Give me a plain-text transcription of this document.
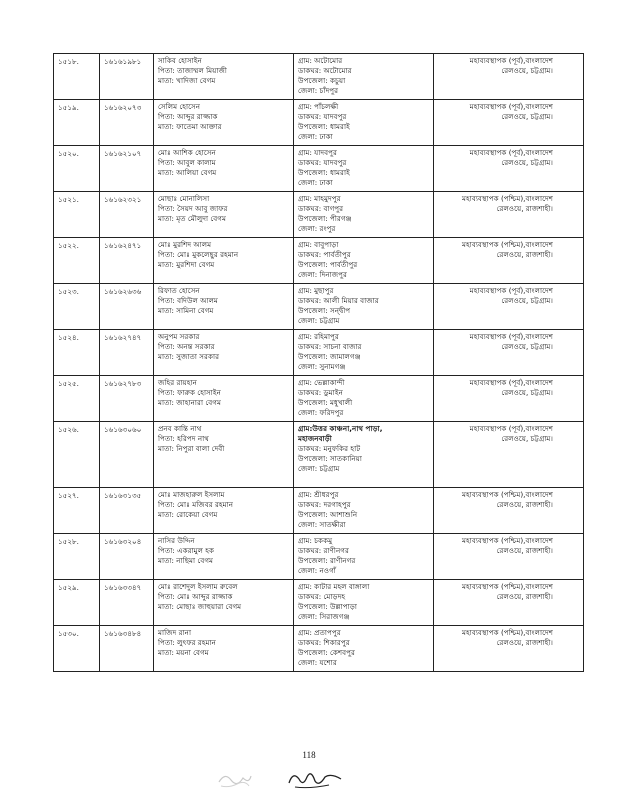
১৫১৮.	১৬১৬১৯৮১	সাকিব হোসাইন
পিতা: তাজাম্মল মিয়াজী
মাতা: খাদিজা বেগম	গ্রাম: অটোমোর
ডাকঘর: অটোমোর
উপজেলা: কচুয়া
জেলা: চাঁদপুর	মহাব্যবস্থাপক (পূর্ব),বাংলাদেশ
রেলওয়ে, চট্টগ্রাম।

১৫১৯.	১৬১৬২০৭৩	সেলিম হোসেন
পিতা: আব্দুর রাজ্জাক
মাতা: ফাতেমা আক্তার	গ্রাম: পাঁচলক্ষী
ডাকঘর: যাদবপুর
উপজেলা: ধামরাই
জেলা: ঢাকা	মহাব্যবস্থাপক (পূর্ব),বাংলাদেশ
রেলওয়ে, চট্টগ্রাম।

১৫২০.	১৬১৬২১০৭	মোঃ আশিক হোসেন
পিতা: আবুল কালাম
মাতা: আলিয়া বেগম	গ্রাম: যাদবপুর
ডাকঘর: যাদবপুর
উপজেলা: ধামরাই
জেলা: ঢাকা	মহাব্যবস্থাপক (পূর্ব),বাংলাদেশ
রেলওয়ে, চট্টগ্রাম।

১৫২১.	১৬১৬২৩২১	মোছাঃ মোনালিসা
পিতা: সৈয়দ আবু জাফর
মাতা: মৃত মৌলুদা বেগম	গ্রাম: মাহমুদপুর
ডাকঘর: বাগপুর
উপজেলা: পীরগঞ্জ
জেলা: রংপুর	মহাব্যবস্থাপক (পশ্চিম),বাংলাদেশ
রেলওয়ে, রাজশাহী।

১৫২২.	১৬১৬২৪৭১	মোঃ মুরশিদ আলম
পিতা: মোঃ মুকলেছুর রহমান
মাতা: মুরশিদা বেগম	গ্রাম: বাবুপাড়া
ডাকঘর: পার্বতীপুর
উপজেলা: পার্বতীপুর
জেলা: দিনাজপুর	মহাব্যবস্থাপক (পশ্চিম),বাংলাদেশ
রেলওয়ে, রাজশাহী।

১৫২৩.	১৬১৬২৬৩৬	রিফাত হোসেন
পিতা: বদিউল আলম
মাতা: সামিনা বেগম	গ্রাম: মুছাপুর
ডাকঘর: আলী মিয়ার বাজার
উপজেলা: সন্দ্বীপ
জেলা: চট্টগ্রাম	মহাব্যবস্থাপক (পূর্ব),বাংলাদেশ
রেলওয়ে, চট্টগ্রাম।

১৫২৪.	১৬১৬২৭৪৭	অনুপম সরকার
পিতা: অনন্ত সরকার
মাতা: সুজাতা সরকার	গ্রাম: রহিমাপুর
ডাকঘর: সাচনা বাজার
উপজেলা: জামালগঞ্জ
জেলা: সুনামগঞ্জ	মহাব্যবস্থাপক (পূর্ব),বাংলাদেশ
রেলওয়ে, চট্টগ্রাম।

১৫২৫.	১৬১৬২৭৮৩	জহির রায়হান
পিতা: ফারুক হোসাইন
মাতা: জাহানারা বেগম	গ্রাম: ভেল্লাকান্দী
ডাকঘর: ডুমাইন
উপজেলা: মধুখালী
জেলা: ফরিদপুর	মহাব্যবস্থাপক (পূর্ব),বাংলাদেশ
রেলওয়ে, চট্টগ্রাম।

১৫২৬.	১৬১৬৩০৬০	প্রনব কান্তি নাথ
পিতা: হরিপদ নাথ
মাতা: নিপুরা বালা দেবী	গ্রাম:উত্তর কাঞ্চনা,নাথ পাড়া,
মহাজনবাড়ী
ডাকঘর: মনুফকির হাট
উপজেলা: সাতকানিয়া
জেলা: চট্টগ্রাম	মহাব্যবস্থাপক (পূর্ব),বাংলাদেশ
রেলওয়ে, চট্টগ্রাম।

১৫২৭.	১৬১৬৩১৩৫	মোঃ মাজহারুল ইসলাম
পিতা: মোঃ মজিবর রহমান
মাতা: রোকেয়া বেগম	গ্রাম: শ্রীধরপুর
ডাকঘর: দরগাহপুর
উপজেলা: আশাশুনি
জেলা: সাতক্ষীরা	মহাব্যবস্থাপক (পশ্চিম),বাংলাদেশ
রেলওয়ে, রাজশাহী।

১৫২৮.	১৬১৬৩২০৪	নাসির উদ্দিন
পিতা: একরামুল হক
মাতা: নাছিমা বেগম	গ্রাম: চককমু
ডাকঘর: রাণীনগর
উপজেলা: রাণীনগর
জেলা: নওগাঁ	মহাব্যবস্থাপক (পশ্চিম),বাংলাদেশ
রেলওয়ে, রাজশাহী।

১৫২৯.	১৬১৬৩৩৪৭	মোঃ রাশেদুল ইসলাম রুবেল
পিতা: মোঃ আব্দুর রাজ্জাক
মাতা: মোছাঃ জাহুয়ারা বেগম	গ্রাম: কাটার মহল বাঙ্গালা
ডাকঘর: মোড়দহ
উপজেলা: উল্লাপাড়া
জেলা: সিরাজগঞ্জ	মহাব্যবস্থাপক (পশ্চিম),বাংলাদেশ
রেলওয়ে, রাজশাহী।

১৫৩০.	১৬১৬৩৪৮৪	মাজিদ রানা
পিতা: লুৎফর রহমান
মাতা: ময়না বেগম	গ্রাম: প্রতাপপুর
ডাকঘর: শিকারপুর
উপজেলা: কেশবপুর
জেলা: যশোর	মহাব্যবস্থাপক (পশ্চিম),বাংলাদেশ
রেলওয়ে, রাজশাহী।
118
